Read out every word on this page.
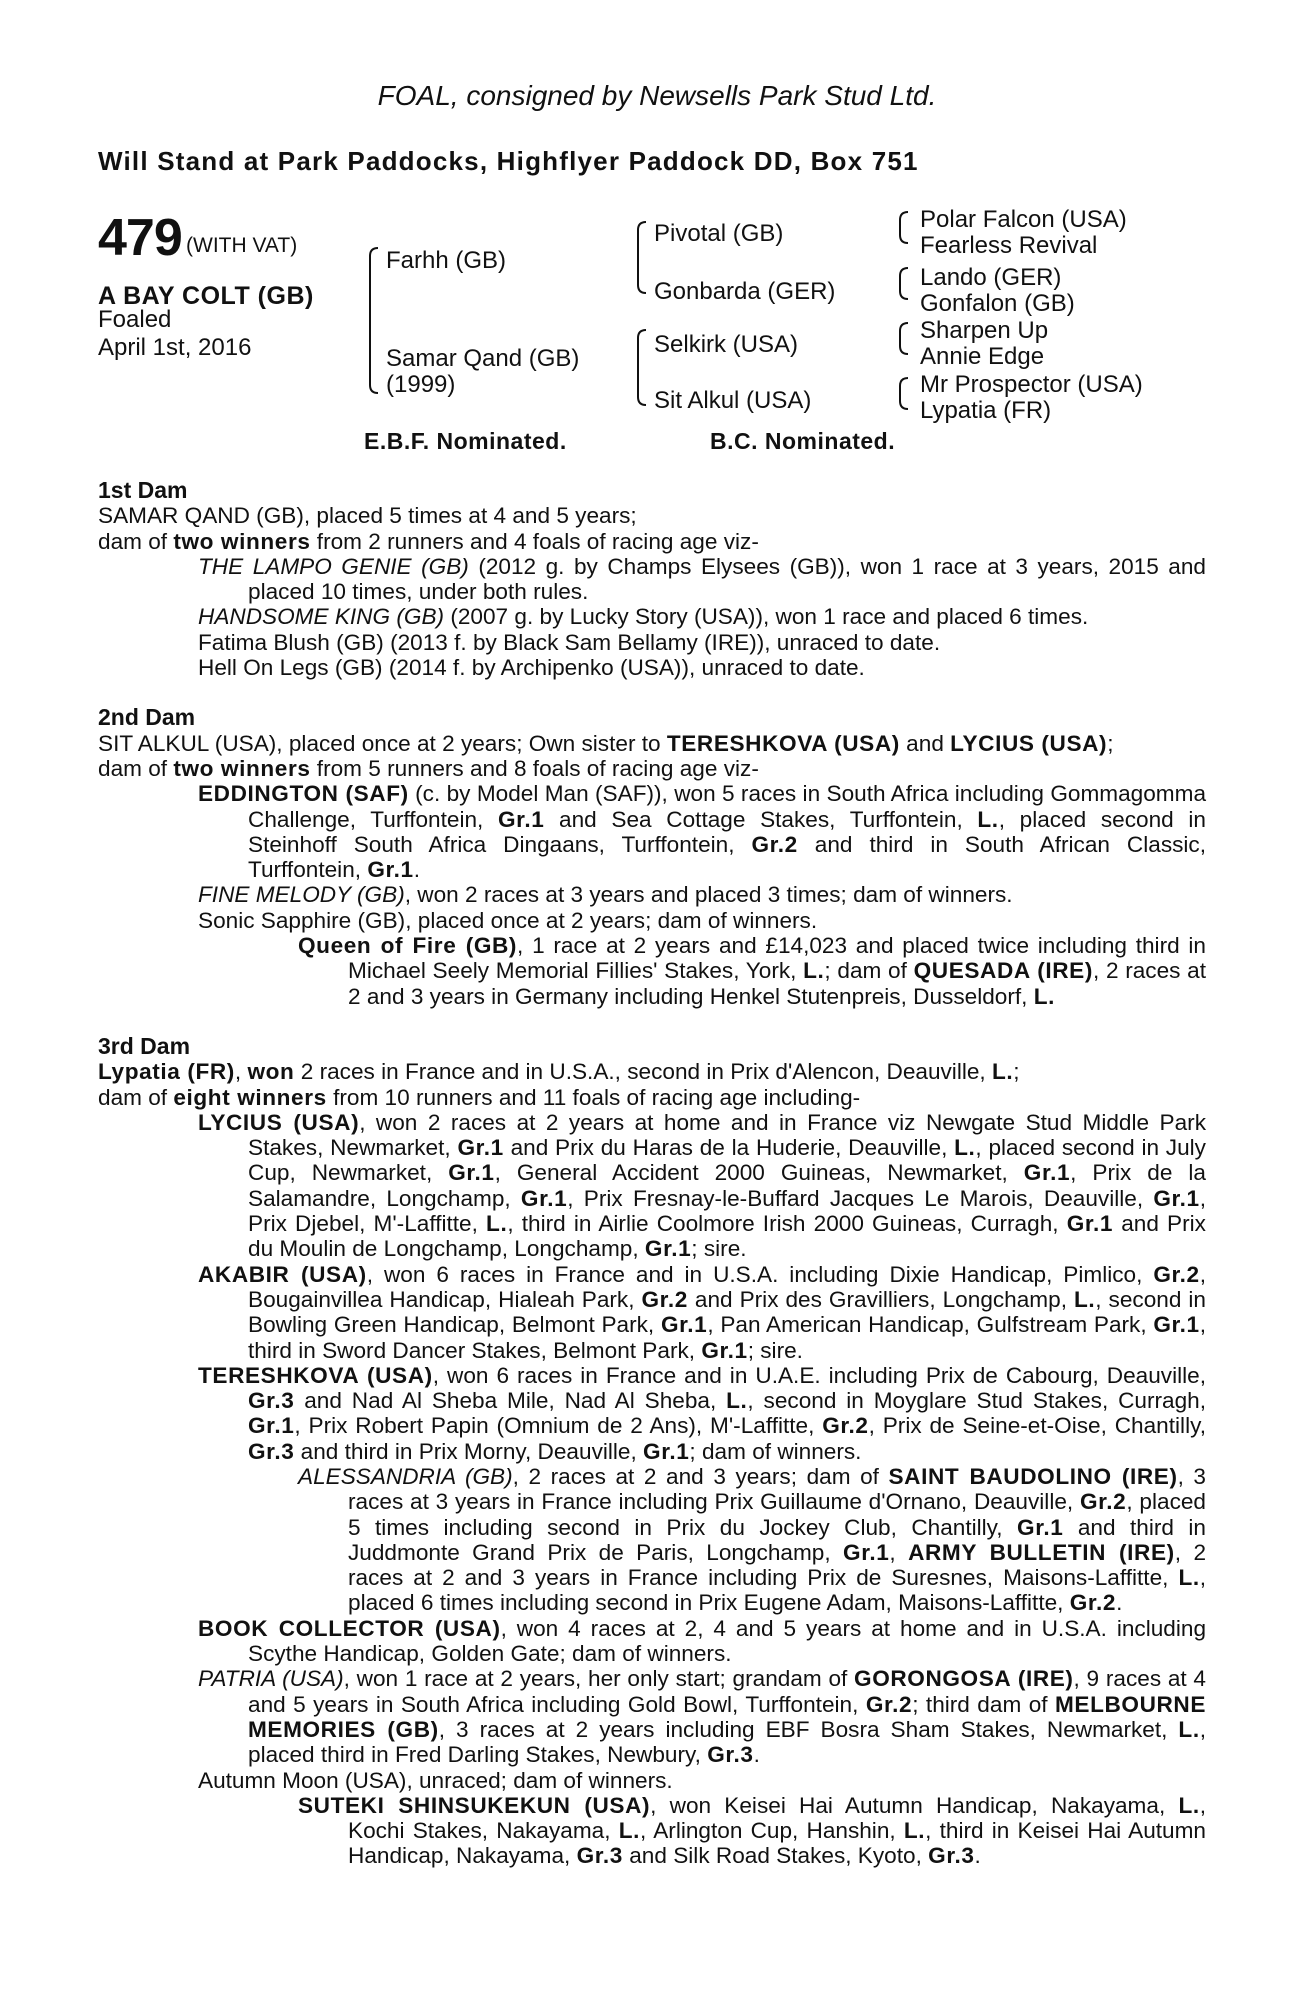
FOAL, consigned by Newsells Park Stud Ltd.
Will Stand at Park Paddocks, Highflyer Paddock DD, Box 751
479 (WITH VAT)
A BAY COLT (GB)
Foaled
April 1st, 2016
Farhh (GB)
Samar Qand (GB)
(1999)
Pivotal (GB)
Gonbarda (GER)
Selkirk (USA)
Sit Alkul (USA)
Polar Falcon (USA)
Fearless Revival
Lando (GER)
Gonfalon (GB)
Sharpen Up
Annie Edge
Mr Prospector (USA)
Lypatia (FR)
E.B.F. Nominated.	B.C. Nominated.

1st Dam

SAMAR QAND (GB), placed 5 times at 4 and 5 years;

dam of two winners from 2 runners and 4 foals of racing age viz-

THE LAMPO GENIE (GB) (2012 g. by Champs Elysees (GB)), won 1 race at 3 years, 2015 and placed 10 times, under both rules.

HANDSOME KING (GB) (2007 g. by Lucky Story (USA)), won 1 race and placed 6 times.

Fatima Blush (GB) (2013 f. by Black Sam Bellamy (IRE)), unraced to date.

Hell On Legs (GB) (2014 f. by Archipenko (USA)), unraced to date.

2nd Dam

SIT ALKUL (USA), placed once at 2 years; Own sister to TERESHKOVA (USA) and LYCIUS (USA);

dam of two winners from 5 runners and 8 foals of racing age viz-

EDDINGTON (SAF) (c. by Model Man (SAF)), won 5 races in South Africa including Gommagomma Challenge, Turffontein, Gr.1 and Sea Cottage Stakes, Turffontein, L., placed second in Steinhoff South Africa Dingaans, Turffontein, Gr.2 and third in South African Classic, Turffontein, Gr.1.

FINE MELODY (GB), won 2 races at 3 years and placed 3 times; dam of winners.

Sonic Sapphire (GB), placed once at 2 years; dam of winners.

Queen of Fire (GB), 1 race at 2 years and £14,023 and placed twice including third in Michael Seely Memorial Fillies' Stakes, York, L.; dam of QUESADA (IRE), 2 races at 2 and 3 years in Germany including Henkel Stutenpreis, Dusseldorf, L.

3rd Dam

Lypatia (FR), won 2 races in France and in U.S.A., second in Prix d'Alencon, Deauville, L.;

dam of eight winners from 10 runners and 11 foals of racing age including-

LYCIUS (USA), won 2 races at 2 years at home and in France viz Newgate Stud Middle Park Stakes, Newmarket, Gr.1 and Prix du Haras de la Huderie, Deauville, L., placed second in July Cup, Newmarket, Gr.1, General Accident 2000 Guineas, Newmarket, Gr.1, Prix de la Salamandre, Longchamp, Gr.1, Prix Fresnay-le-Buffard Jacques Le Marois, Deauville, Gr.1, Prix Djebel, M'-Laffitte, L., third in Airlie Coolmore Irish 2000 Guineas, Curragh, Gr.1 and Prix du Moulin de Longchamp, Longchamp, Gr.1; sire.

AKABIR (USA), won 6 races in France and in U.S.A. including Dixie Handicap, Pimlico, Gr.2, Bougainvillea Handicap, Hialeah Park, Gr.2 and Prix des Gravilliers, Longchamp, L., second in Bowling Green Handicap, Belmont Park, Gr.1, Pan American Handicap, Gulfstream Park, Gr.1, third in Sword Dancer Stakes, Belmont Park, Gr.1; sire.

TERESHKOVA (USA), won 6 races in France and in U.A.E. including Prix de Cabourg, Deauville, Gr.3 and Nad Al Sheba Mile, Nad Al Sheba, L., second in Moyglare Stud Stakes, Curragh, Gr.1, Prix Robert Papin (Omnium de 2 Ans), M'-Laffitte, Gr.2, Prix de Seine-et-Oise, Chantilly, Gr.3 and third in Prix Morny, Deauville, Gr.1; dam of winners.

ALESSANDRIA (GB), 2 races at 2 and 3 years; dam of SAINT BAUDOLINO (IRE), 3 races at 3 years in France including Prix Guillaume d'Ornano, Deauville, Gr.2, placed 5 times including second in Prix du Jockey Club, Chantilly, Gr.1 and third in Juddmonte Grand Prix de Paris, Longchamp, Gr.1, ARMY BULLETIN (IRE), 2 races at 2 and 3 years in France including Prix de Suresnes, Maisons-Laffitte, L., placed 6 times including second in Prix Eugene Adam, Maisons-Laffitte, Gr.2.

BOOK COLLECTOR (USA), won 4 races at 2, 4 and 5 years at home and in U.S.A. including Scythe Handicap, Golden Gate; dam of winners.

PATRIA (USA), won 1 race at 2 years, her only start; grandam of GORONGOSA (IRE), 9 races at 4 and 5 years in South Africa including Gold Bowl, Turffontein, Gr.2; third dam of MELBOURNE MEMORIES (GB), 3 races at 2 years including EBF Bosra Sham Stakes, Newmarket, L., placed third in Fred Darling Stakes, Newbury, Gr.3.

Autumn Moon (USA), unraced; dam of winners.

SUTEKI SHINSUKEKUN (USA), won Keisei Hai Autumn Handicap, Nakayama, L., Kochi Stakes, Nakayama, L., Arlington Cup, Hanshin, L., third in Keisei Hai Autumn Handicap, Nakayama, Gr.3 and Silk Road Stakes, Kyoto, Gr.3.
